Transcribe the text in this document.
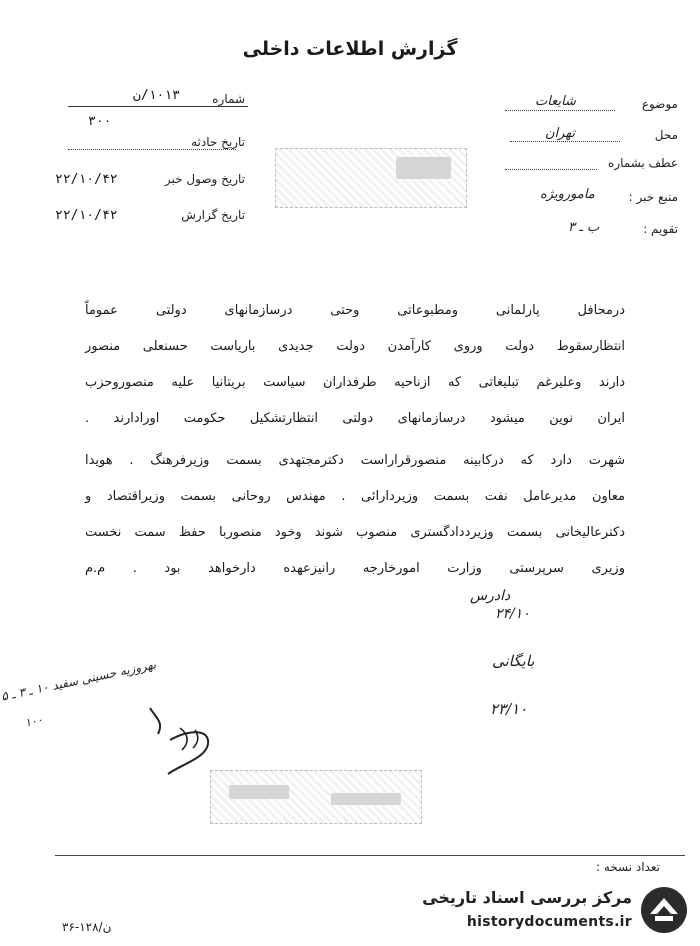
گزارش اطلاعات داخلی
شماره
۱۰۱۳/ن
۳۰۰
تاریخ حادثه
تاریخ وصول خبر
۲۲/۱۰/۴۲
تاریخ گزارش
۲۲/۱۰/۴۲
موضوع
شایعات
محل
تهران
عطف بشماره
منبع خبر :
مامورویژه
تقویم :
ب ـ ۳
درمحافل پارلمانی ومطبوعاتی وحتی درسازمانهای دولتی عموماً
انتظارسقوط دولت وروی کارآمدن دولت جدیدی باریاست حسنعلی منصور
دارند وعلیرغم تبلیغاتی که ازناحیه طرفداران سیاست بریتانیا علیه منصوروحزب
ایران نوین میشود درسازمانهای دولتی انتظارتشکیل حکومت اورادارند .
شهرت دارد که درکابینه منصورقراراست دکترمجتهدی بسمت وزیرفرهنگ . هویدا
معاون مدیرعامل نفت بسمت وزیردارائی . مهندس روحانی بسمت وزیراقتصاد و
دکترعالیخانی بسمت وزیرددادگستری منصوب شوند وخود منصوربا حفظ سمت نخست
وزیری سرپرستی وزارت امورخارجه رانیزعهده دارخواهد بود . م.م
دادرس
۲۴/۱۰
بایگانی
۲۳/۱۰
بهروزیه حسینی سفید ۱۰ ـ ۳ ـ ۵
۱۰۰
تعداد نسخه :
۳۶-۱۲۸/ن
مرکز بررسی اسناد تاریخی
historydocuments.ir
